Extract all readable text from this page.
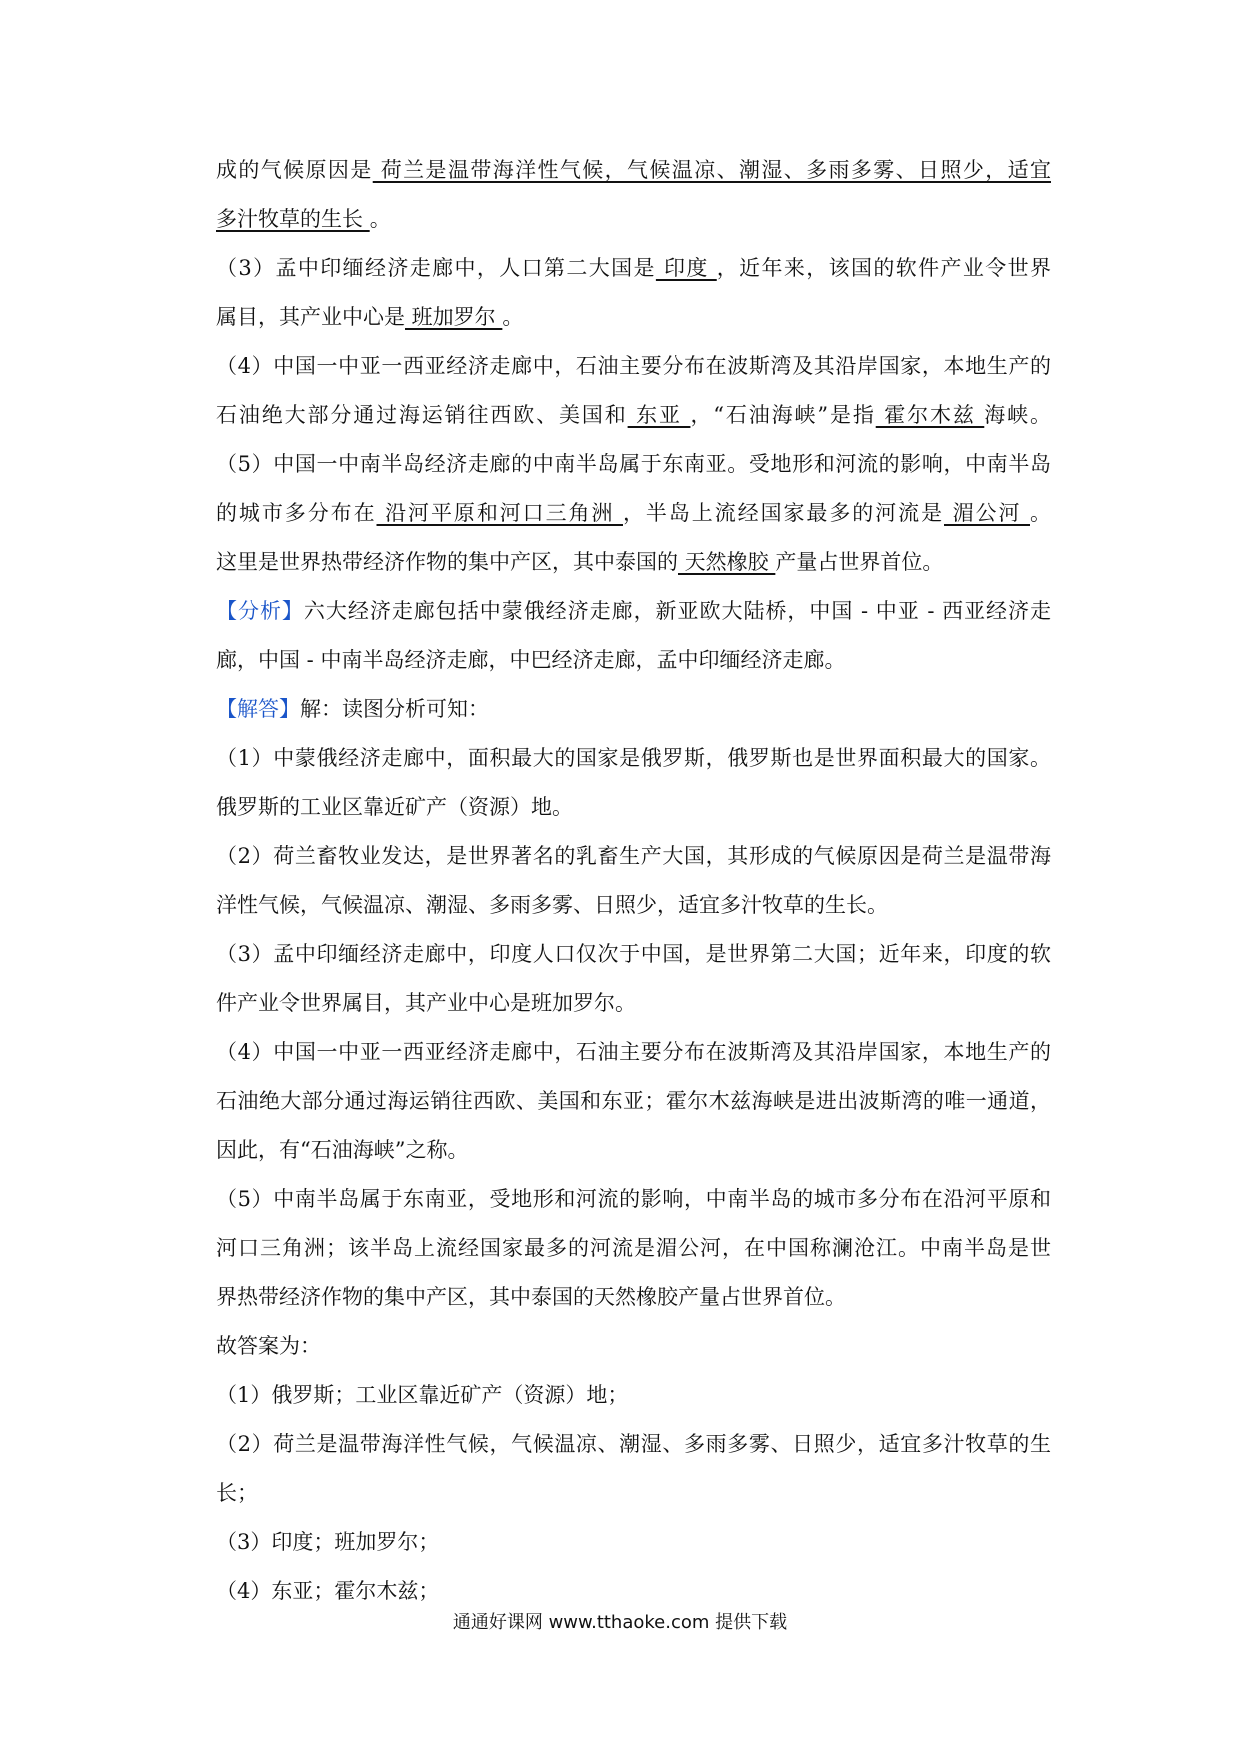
成的气候原因是 荷兰是温带海洋性气候，气候温凉、潮湿、多雨多雾、日照少，适宜
多汁牧草的生长 。
（3）孟中印缅经济走廊中，人口第二大国是 印度 ，近年来，该国的软件产业令世界
属目，其产业中心是 班加罗尔 。
（4）中国一中亚一西亚经济走廊中，石油主要分布在波斯湾及其沿岸国家，本地生产的
石油绝大部分通过海运销往西欧、美国和 东亚 ，“石油海峡”是指 霍尔木兹 海峡。
（5）中国一中南半岛经济走廊的中南半岛属于东南亚。受地形和河流的影响，中南半岛
的城市多分布在 沿河平原和河口三角洲 ，半岛上流经国家最多的河流是 湄公河 。
这里是世界热带经济作物的集中产区，其中泰国的 天然橡胶 产量占世界首位。
【分析】六大经济走廊包括中蒙俄经济走廊，新亚欧大陆桥，中国 - 中亚 - 西亚经济走
廊，中国 - 中南半岛经济走廊，中巴经济走廊，孟中印缅经济走廊。
【解答】解：读图分析可知：
（1）中蒙俄经济走廊中，面积最大的国家是俄罗斯，俄罗斯也是世界面积最大的国家。
俄罗斯的工业区靠近矿产（资源）地。
（2）荷兰畜牧业发达，是世界著名的乳畜生产大国，其形成的气候原因是荷兰是温带海
洋性气候，气候温凉、潮湿、多雨多雾、日照少，适宜多汁牧草的生长。
（3）孟中印缅经济走廊中，印度人口仅次于中国，是世界第二大国；近年来，印度的软
件产业令世界属目，其产业中心是班加罗尔。
（4）中国一中亚一西亚经济走廊中，石油主要分布在波斯湾及其沿岸国家，本地生产的
石油绝大部分通过海运销往西欧、美国和东亚；霍尔木兹海峡是进出波斯湾的唯一通道，
因此，有“石油海峡”之称。
（5）中南半岛属于东南亚，受地形和河流的影响，中南半岛的城市多分布在沿河平原和
河口三角洲；该半岛上流经国家最多的河流是湄公河，在中国称澜沧江。中南半岛是世
界热带经济作物的集中产区，其中泰国的天然橡胶产量占世界首位。
故答案为：
（1）俄罗斯；工业区靠近矿产（资源）地；
（2）荷兰是温带海洋性气候，气候温凉、潮湿、多雨多雾、日照少，适宜多汁牧草的生
长；
（3）印度；班加罗尔；
（4）东亚；霍尔木兹；
通通好课网 www.tthaoke.com 提供下载
